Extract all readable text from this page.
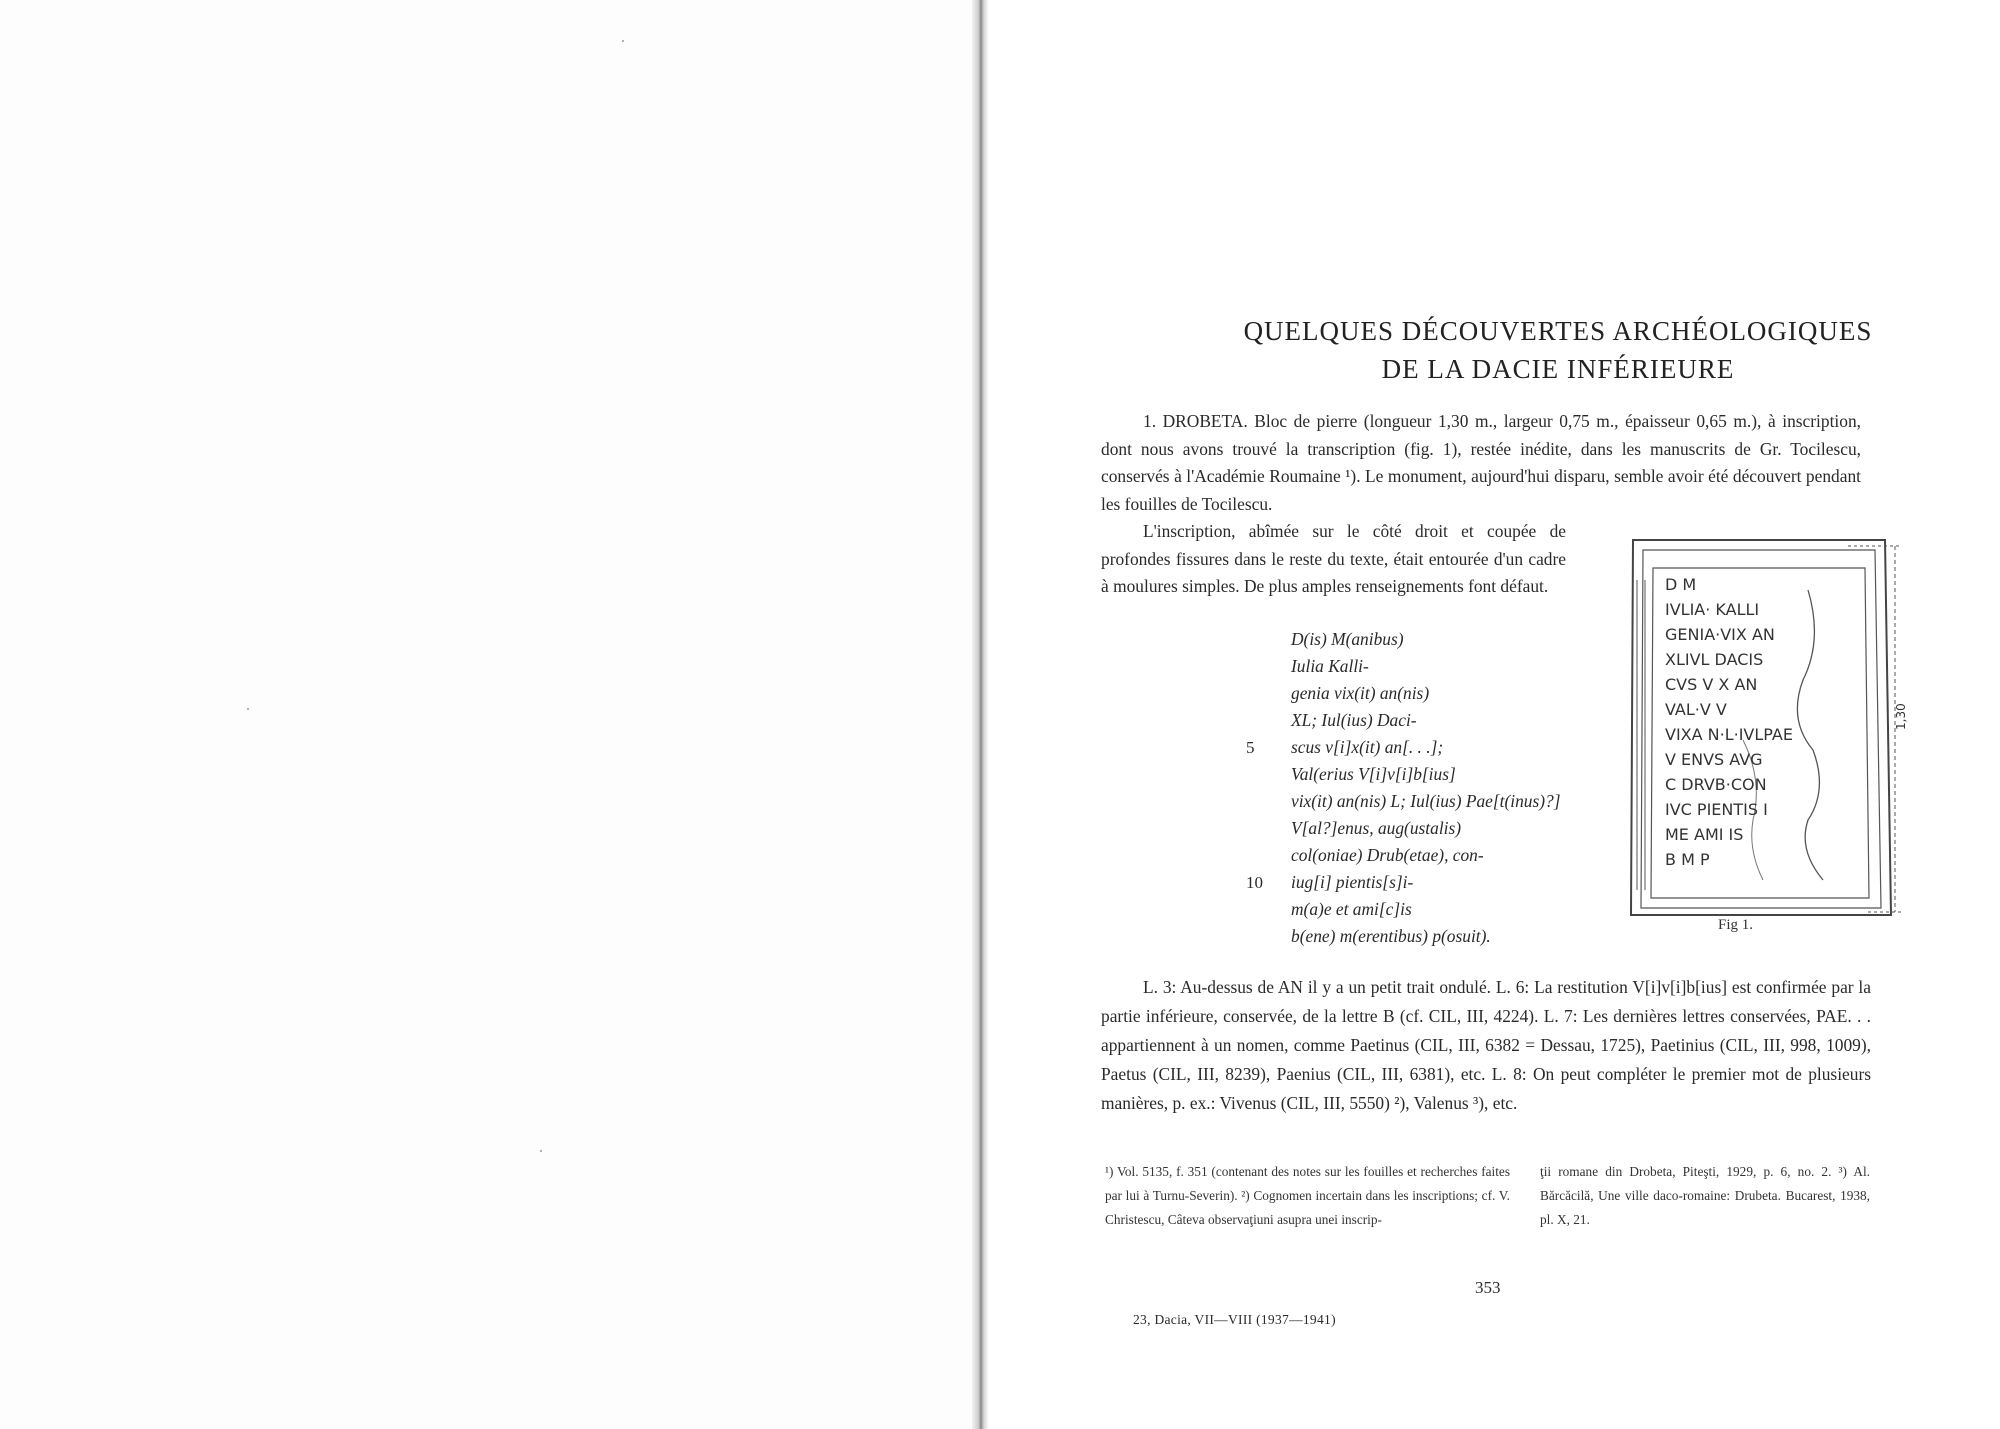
QUELQUES DÉCOUVERTES ARCHÉOLOGIQUES
DE LA DACIE INFÉRIEURE
1. DROBETA. Bloc de pierre (longueur 1,30 m., largeur 0,75 m., épaisseur 0,65 m.), à inscription, dont nous avons trouvé la transcription (fig. 1), restée inédite, dans les manuscrits de Gr. Tocilescu, conservés à l'Académie Roumaine ¹). Le monument, aujourd'hui disparu, semble avoir été découvert pendant les fouilles de Tocilescu.
L'inscription, abîmée sur le côté droit et coupée de profondes fissures dans le reste du texte, était entourée d'un cadre à moulures simples. De plus amples renseignements font défaut.
D(is) M(anibus)
Iulia Kalli-
genia vix(it) an(nis)
XL; Iul(ius) Daci-
5 scus v[i]x(it) an[. . .];
Val(erius V[i]v[i]b[ius]
vix(it) an(nis) L; Iul(ius) Pae[t(inus)?]
V[al?]enus, aug(ustalis)
col(oniae) Drub(etae), con-
10 iug[i] pientis[s]i-
m(a)e et ami[c]is
b(ene) m(erentibus) p(osuit).
1,30
D M
IVLIA· KALLI
GENIA·VIX AN
XLIVL DACIS
CVS V X AN
VAL·V V
VIXA N·L·IVLPAE
V ENVS AVG
C DRVB·CON
IVC PIENTIS I
ME AMI IS
B M P
Fig 1.
L. 3: Au-dessus de AN il y a un petit trait ondulé. L. 6: La restitution V[i]v[i]b[ius] est confirmée par la partie inférieure, conservée, de la lettre B (cf. CIL, III, 4224). L. 7: Les dernières lettres conservées, PAE. . . appartiennent à un nomen, comme Paetinus (CIL, III, 6382 = Dessau, 1725), Paetinius (CIL, III, 998, 1009), Paetus (CIL, III, 8239), Paenius (CIL, III, 6381), etc. L. 8: On peut compléter le premier mot de plusieurs manières, p. ex.: Vivenus (CIL, III, 5550) ²), Valenus ³), etc.
¹) Vol. 5135, f. 351 (contenant des notes sur les fouilles et recherches faites par lui à Turnu-Severin). ²) Cognomen incertain dans les inscriptions; cf. V. Christescu, Câteva observaţiuni asupra unei inscrip-
ţii romane din Drobeta, Piteşti, 1929, p. 6, no. 2. ³) Al. Bărcăcilă, Une ville daco-romaine: Drubeta. Bucarest, 1938, pl. X, 21.
353
23, Dacia, VII—VIII (1937—1941)
